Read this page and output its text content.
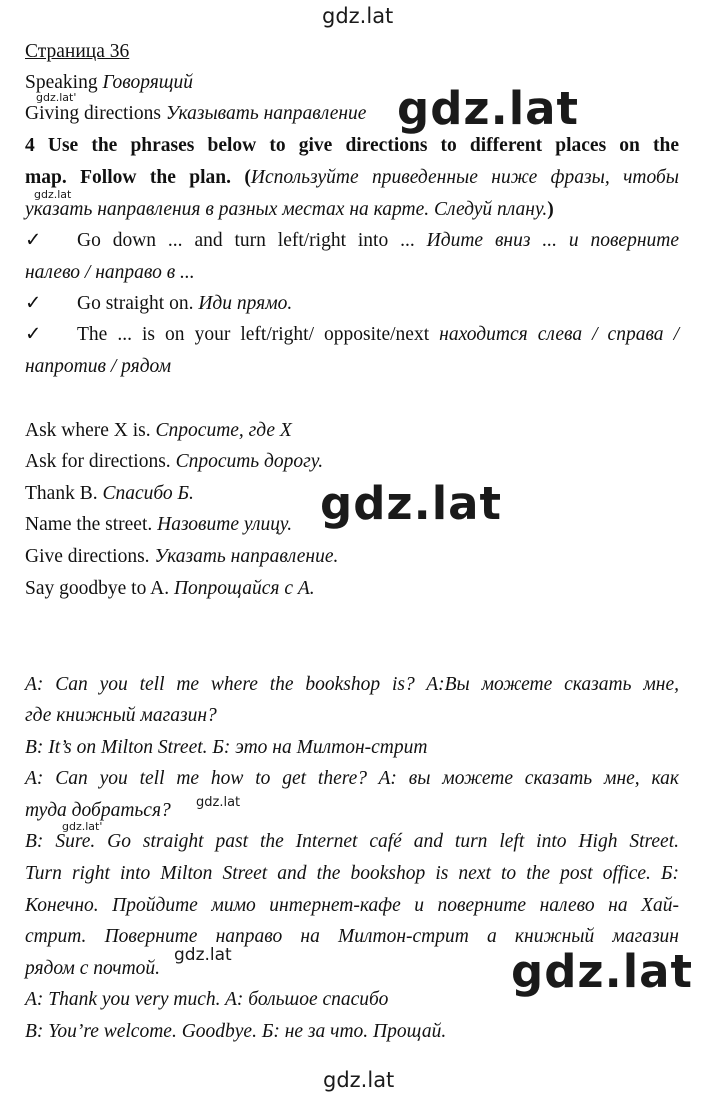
gdz.lat
gdz.lat
gdz.lat
gdz.lat
gdz.lat'
gdz.lat
gdz.lat
gdz.lat'
gdz.lat
gdz.lat
Страница 36
Speaking Говорящий
Giving directions Указывать направление
4 Use the phrases below to give directions to different places on the
map. Follow the plan. (Используйте приведенные ниже фразы, чтобы
указать направления в разных местах на карте. Следуй плану.)
✓ Go down ... and turn left/right into ... Идите вниз ... и поверните
налево / направо в ...
✓ Go straight on. Иди прямо.
✓ The ... is on your left/right/ opposite/next находится слева / справа /
напротив / рядом
Ask where X is. Спросите, где X
Ask for directions. Спросить дорогу.
Thank B. Спасибо Б.
Name the street. Назовите улицу.
Give directions. Указать направление.
Say goodbye to A. Попрощайся с А.
A: Can you tell me where the bookshop is? A:Вы можете сказать мне,
где книжный магазин?
B: It’s on Milton Street. Б: это на Милтон-стрит
A: Can you tell me how to get there? A: вы можете сказать мне, как
туда добраться?
B: Sure. Go straight past the Internet café and turn left into High Street.
Turn right into Milton Street and the bookshop is next to the post office. Б:
Конечно. Пройдите мимо интернет-кафе и поверните налево на Хай-
стрит. Поверните направо на Милтон-стрит а книжный магазин
рядом с почтой.
A: Thank you very much. A: большое спасибо
B: You’re welcome. Goodbye. Б: не за что. Прощай.
